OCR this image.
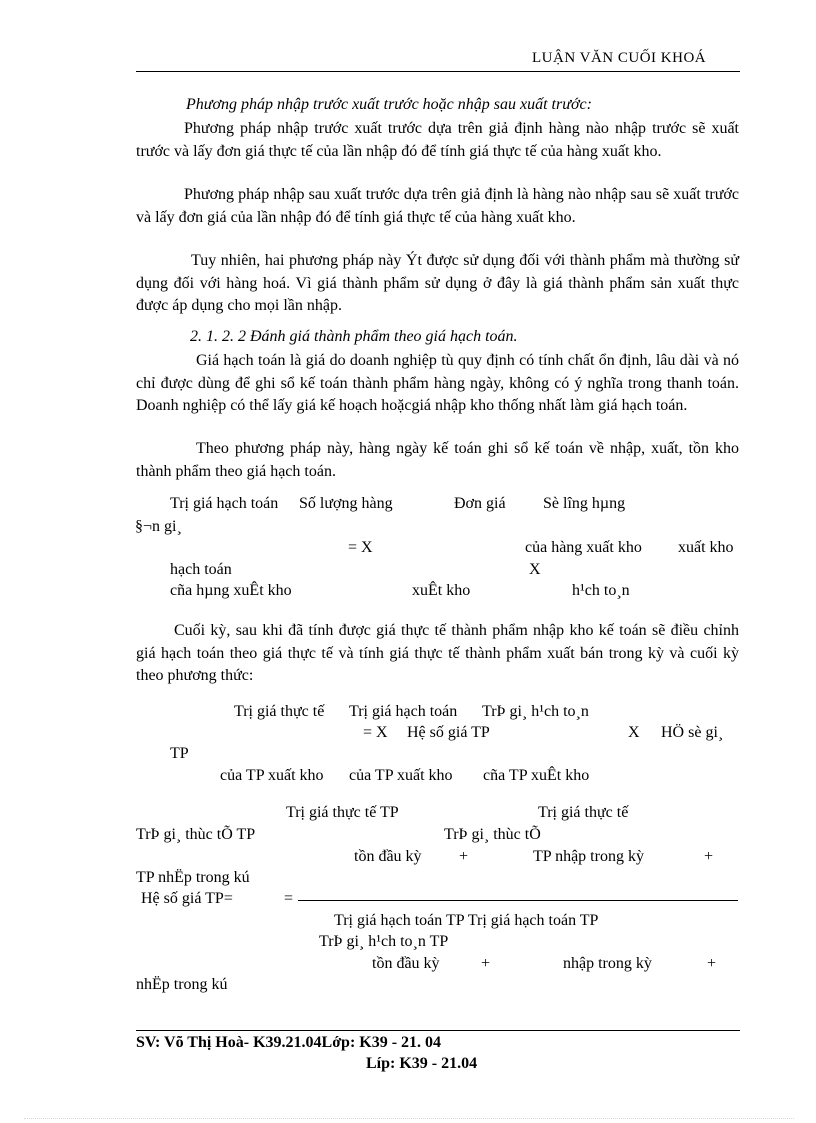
LUẬN VĂN CUỐI KHOÁ
Phương pháp nhập trước xuất trước hoặc nhập sau xuất trước:

Phương pháp nhập trước xuất trước dựa trên giả định hàng nào nhập trước sẽ xuất trước và lấy đơn giá thực tế của lần nhập đó để tính giá thực tế của hàng xuất kho.

Phương pháp nhập sau xuất trước dựa trên giả định là hàng nào nhập sau sẽ xuất trước và lấy đơn giá của lần nhập đó để tính giá thực tế của hàng xuất kho.

Tuy nhiên, hai phương pháp này Ýt được sử dụng đối với thành phẩm mà thường sử dụng đối với hàng hoá. Vì giá thành phẩm sử dụng ở đây là giá thành phẩm sản xuất thực được áp dụng cho mọi lần nhập.

2. 1. 2. 2 Đánh giá thành phẩm theo giá hạch toán.

Giá hạch toán là giá do doanh nghiệp tù quy định có tính chất ổn định, lâu dài và nó chỉ được dùng để ghi sổ kế toán thành phẩm hàng ngày, không có ý nghĩa trong thanh toán. Doanh nghiệp có thể lấy giá kế hoạch hoặcgiá nhập kho thống nhất làm giá hạch toán.

Theo phương pháp này, hàng ngày kế toán ghi sổ kế toán về nhập, xuất, tồn kho thành phẩm theo giá hạch toán.

Trị giá hạch toán Số lượng hàng	Đơn giá Sè lîng hµng
§¬n gi¸
= X	của hàng xuất kho xuất kho
hạch toán	X
cña hµng xuÊt kho	xuÊt kho	h¹ch to¸n

Cuối kỳ, sau khi đã tính được giá thực tế thành phẩm nhập kho kế toán sẽ điều chỉnh giá hạch toán theo giá thực tế và tính giá thực tế thành phẩm xuất bán trong kỳ và cuối kỳ theo phương thức:

Trị giá thực tế Trị giá hạch toán TrÞ gi¸ h¹ch to¸n
= X Hệ số giá TP	X HÖ sè gi¸
TP
của TP xuất kho của TP xuất kho cña TP xuÊt kho
Trị giá thực tế TP	Trị giá thực tế
TrÞ gi¸ thùc tÕ TP	TrÞ gi¸ thùc tÕ
tồn đầu kỳ +	TP nhập trong kỳ	+
TP nhËp trong kú
Hệ số giá TP=	=
Trị giá hạch toán TP Trị giá hạch toán TP
TrÞ gi¸ h¹ch to¸n TP
tồn đầu kỳ	+	nhập trong kỳ	+
nhËp trong kú
SV: Võ Thị Hoà- K39.21.04Lớp: K39 - 21. 04
Líp: K39 - 21.04
